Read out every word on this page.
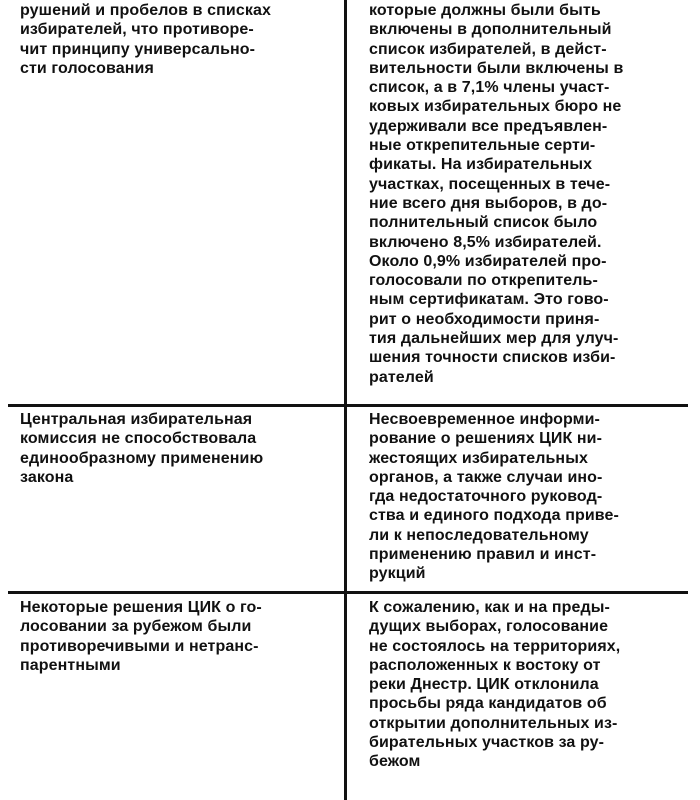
рушений и пробелов в списках
избирателей, что противоре-
чит принципу универсально-
сти голосования
которые должны были быть
включены в дополнительный
список избирателей, в дейст-
вительности были включены в
список, а в 7,1% члены участ-
ковых избирательных бюро не
удерживали все предъявлен-
ные открепительные серти-
фикаты. На избирательных
участках, посещенных в тече-
ние всего дня выборов, в до-
полнительный список было
включено 8,5% избирателей.
Около 0,9% избирателей про-
голосовали по открепитель-
ным сертификатам. Это гово-
рит о необходимости приня-
тия дальнейших мер для улуч-
шения точности списков изби-
рателей
Центральная избирательная
комиссия не способствовала
единообразному применению
закона
Несвоевременное информи-
рование о решениях ЦИК ни-
жестоящих избирательных
органов, а также случаи ино-
гда недостаточного руковод-
ства и единого подхода приве-
ли к непоследовательному
применению правил и инст-
рукций
Некоторые решения ЦИК о го-
лосовании за рубежом были
противоречивыми и нетранс-
парентными
К сожалению, как и на преды-
дущих выборах, голосование
не состоялось на территориях,
расположенных к востоку от
реки Днестр. ЦИК отклонила
просьбы ряда кандидатов об
открытии дополнительных из-
бирательных участков за ру-
бежом
